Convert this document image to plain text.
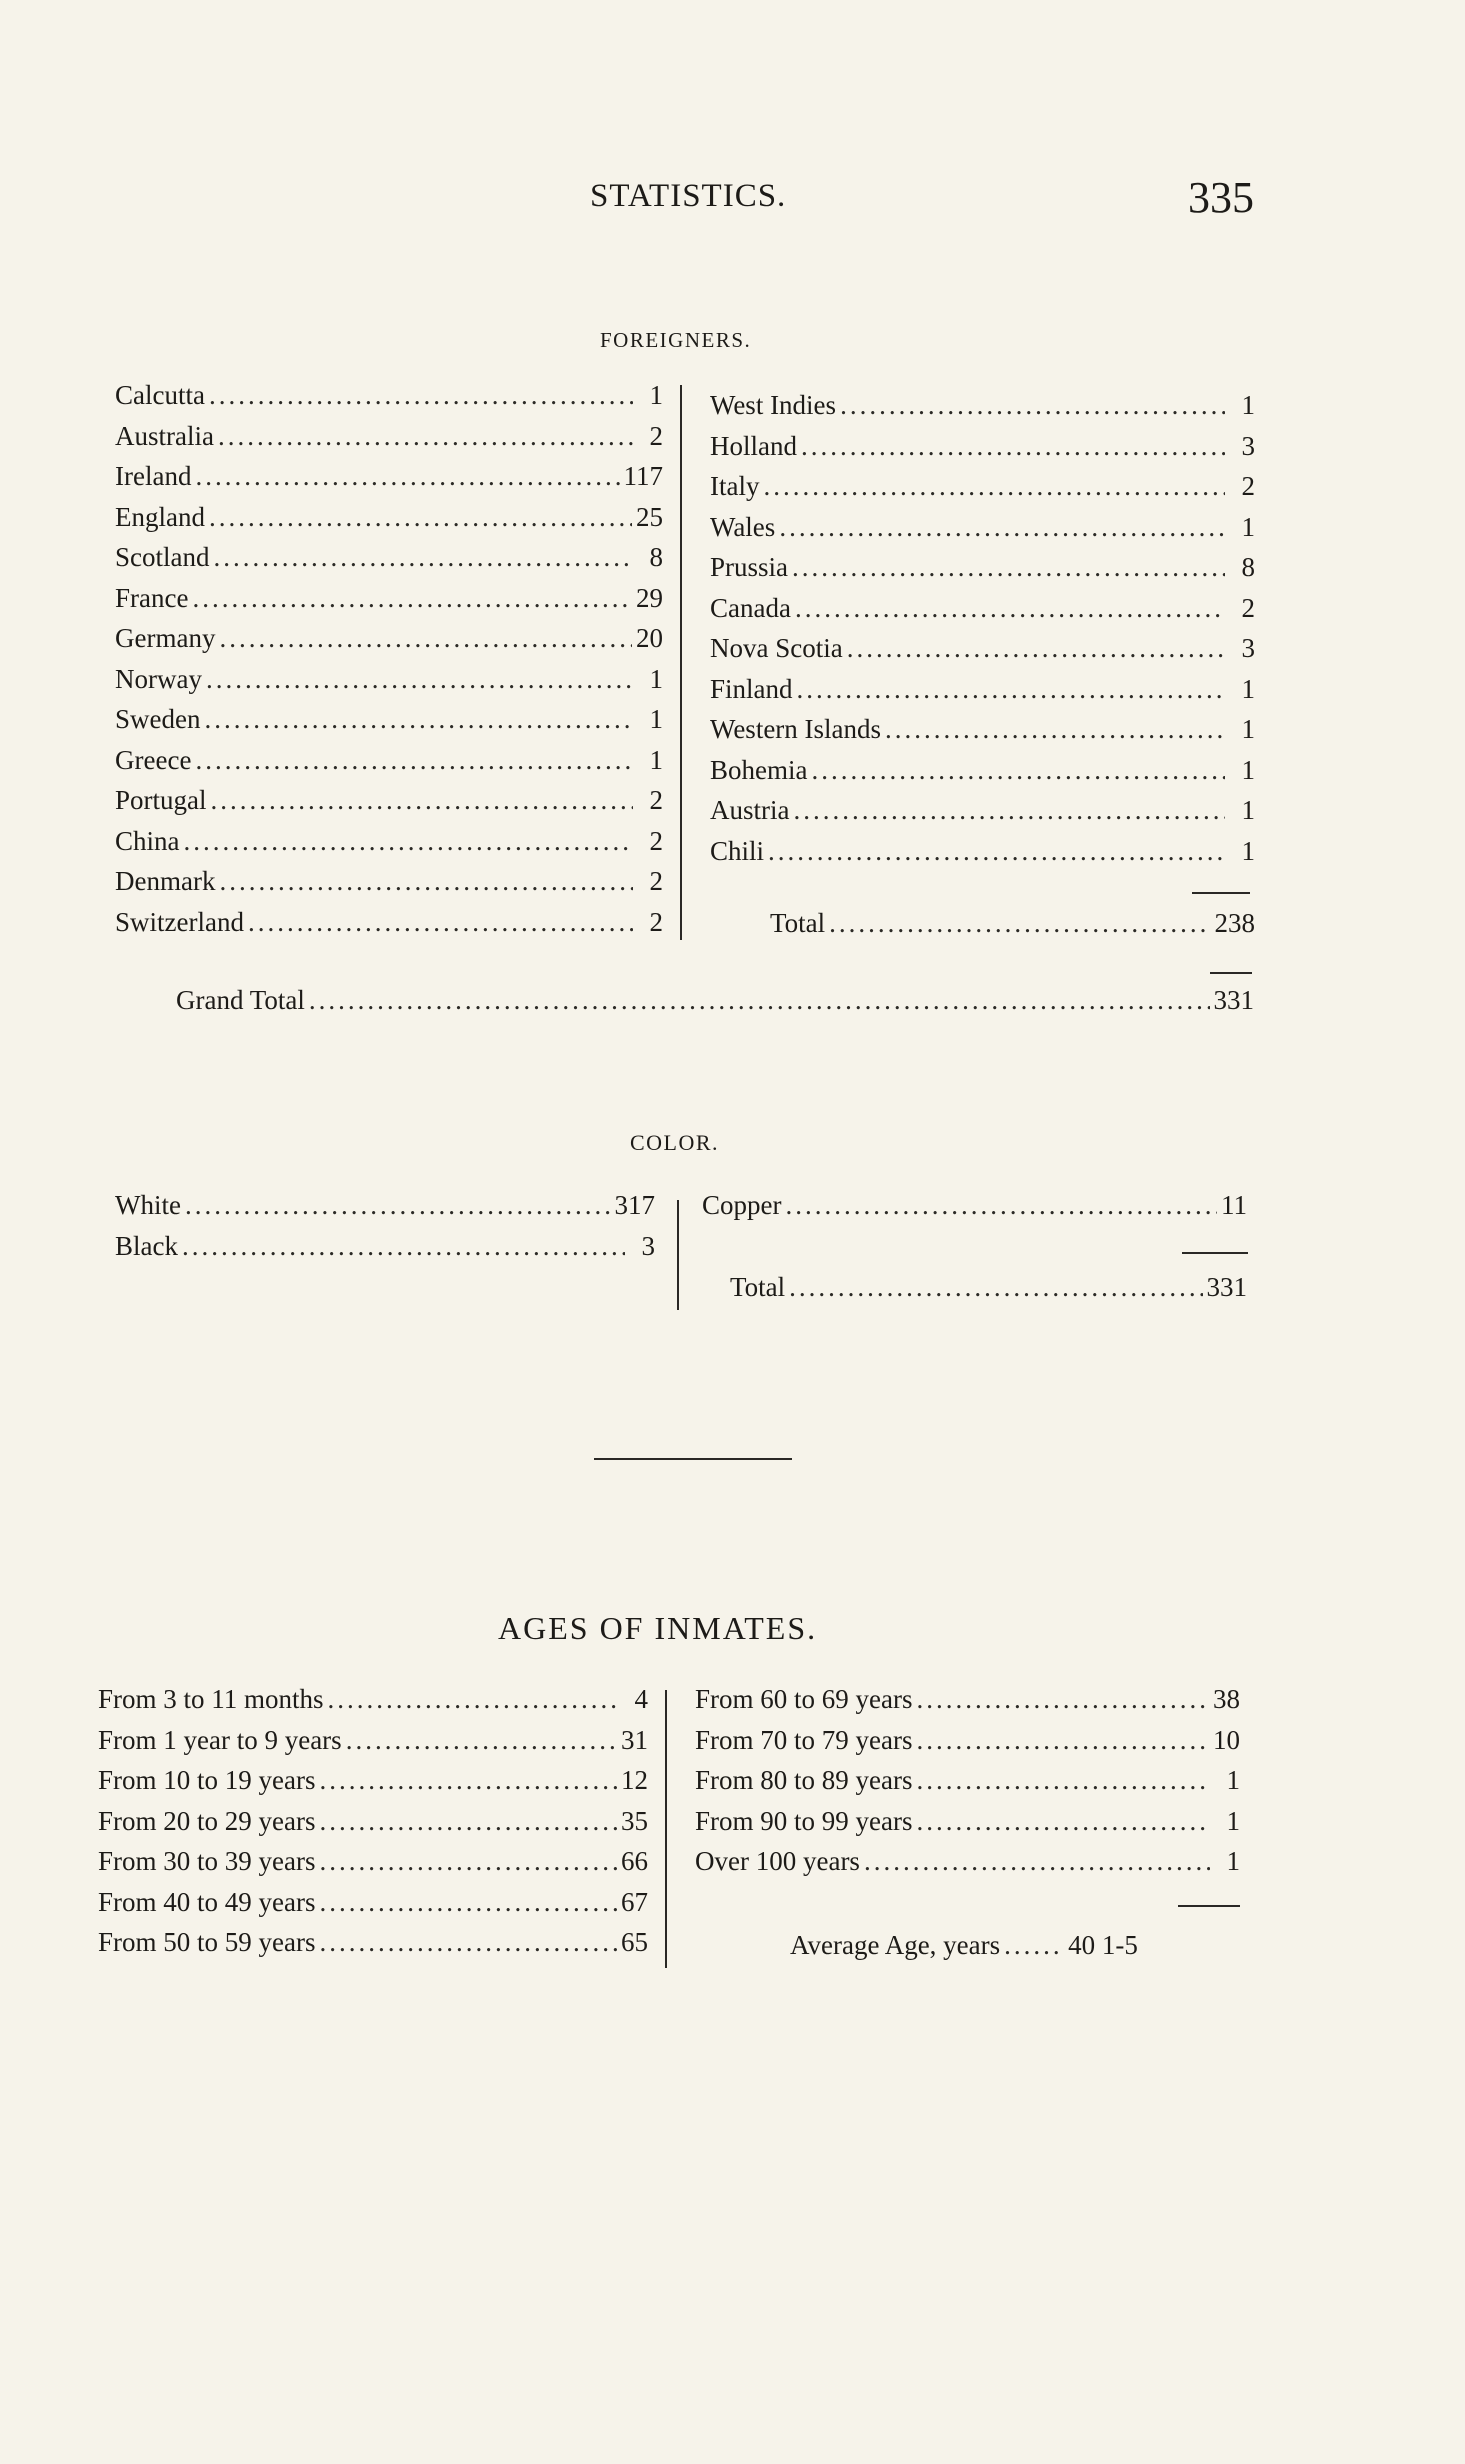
STATISTICS.	335
FOREIGNERS.
Calcutta .....	1
Australia .....	2
Ireland .....	117
England .....	25
Scotland .....	8
France .....	29
Germany .....	20
Norway .....	1
Sweden .....	1
Greece .....	1
Portugal .....	2
China .....	2
Denmark .....	2
Switzerland .....	2
West Indies .....	1
Holland .....	3
Italy .....	2
Wales .....	1
Prussia .....	8
Canada .....	2
Nova Scotia .....	3
Finland .....	1
Western Islands .....	1
Bohemia .....	1
Austria .....	1
Chili .....	1
Total .....	238
Grand Total .....	331
COLOR.
White .....	317
Black .....	3
Copper .....	11
Total .....	331
AGES OF INMATES.
From 3 to 11 months .....	4
From 1 year to 9 years .....	31
From 10 to 19 years .....	12
From 20 to 29 years .....	35
From 30 to 39 years .....	66
From 40 to 49 years .....	67
From 50 to 59 years .....	65
From 60 to 69 years .....	38
From 70 to 79 years .....	10
From 80 to 89 years .....	1
From 90 to 99 years .....	1
Over 100 years .....	1
Average Age, years .....	40 1-5
